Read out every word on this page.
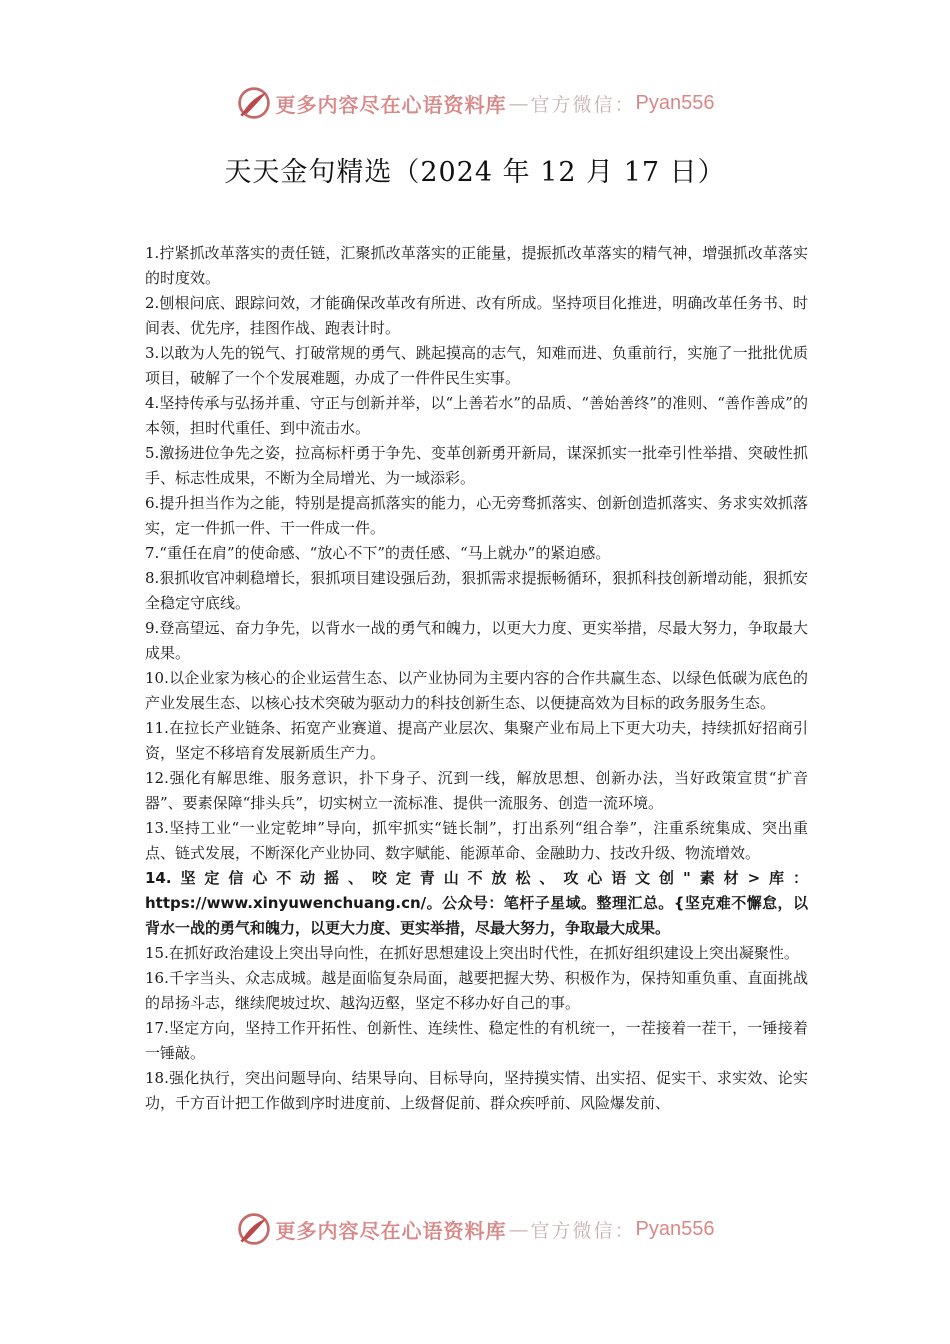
更多内容尽在心语资料库 — 官方微信： Pyan556
天天金句精选（2024 年 12 月 17 日）

1.拧紧抓改革落实的责任链，汇聚抓改革落实的正能量，提振抓改革落实的精气神，增强抓改革落实的时度效。

2.刨根问底、跟踪问效，才能确保改革改有所进、改有所成。坚持项目化推进，明确改革任务书、时间表、优先序，挂图作战、跑表计时。

3.以敢为人先的锐气、打破常规的勇气、跳起摸高的志气，知难而进、负重前行，实施了一批批优质项目，破解了一个个发展难题，办成了一件件民生实事。

4.坚持传承与弘扬并重、守正与创新并举，以“上善若水”的品质、“善始善终”的准则、“善作善成”的本领，担时代重任、到中流击水。

5.激扬进位争先之姿，拉高标杆勇于争先、变革创新勇开新局，谋深抓实一批牵引性举措、突破性抓手、标志性成果，不断为全局增光、为一域添彩。

6.提升担当作为之能，特别是提高抓落实的能力，心无旁骛抓落实、创新创造抓落实、务求实效抓落实，定一件抓一件、干一件成一件。

7.“重任在肩”的使命感、“放心不下”的责任感、“马上就办”的紧迫感。

8.狠抓收官冲刺稳增长，狠抓项目建设强后劲，狠抓需求提振畅循环，狠抓科技创新增动能，狠抓安全稳定守底线。

9.登高望远、奋力争先，以背水一战的勇气和魄力，以更大力度、更实举措，尽最大努力，争取最大成果。

10.以企业家为核心的企业运营生态、以产业协同为主要内容的合作共赢生态、以绿色低碳为底色的产业发展生态、以核心技术突破为驱动力的科技创新生态、以便捷高效为目标的政务服务生态。

11.在拉长产业链条、拓宽产业赛道、提高产业层次、集聚产业布局上下更大功夫，持续抓好招商引资，坚定不移培育发展新质生产力。

12.强化有解思维、服务意识，扑下身子、沉到一线，解放思想、创新办法，当好政策宣贯“扩音器”、要素保障“排头兵”，切实树立一流标准、提供一流服务、创造一流环境。

13.坚持工业“一业定乾坤”导向，抓牢抓实“链长制”，打出系列“组合拳”，注重系统集成、突出重点、链式发展，不断深化产业协同、数字赋能、能源革命、金融助力、技改升级、物流增效。

14.坚定信心不动摇、咬定青山不放松、攻心语文创"素材>库：https://www.xinyuwenchuang.cn/。公众号：笔杆子星域。整理汇总。{坚克难不懈怠，以背水一战的勇气和魄力，以更大力度、更实举措，尽最大努力，争取最大成果。

15.在抓好政治建设上突出导向性，在抓好思想建设上突出时代性，在抓好组织建设上突出凝聚性。

16.千字当头、众志成城。越是面临复杂局面，越要把握大势、积极作为，保持知重负重、直面挑战的昂扬斗志，继续爬坡过坎、越沟迈壑，坚定不移办好自己的事。

17.坚定方向，坚持工作开拓性、创新性、连续性、稳定性的有机统一，一茬接着一茬干，一锤接着一锤敲。

18.强化执行，突出问题导向、结果导向、目标导向，坚持摸实情、出实招、促实干、求实效、论实功，千方百计把工作做到序时进度前、上级督促前、群众疾呼前、风险爆发前、

更多内容尽在心语资料库 — 官方微信： Pyan556
